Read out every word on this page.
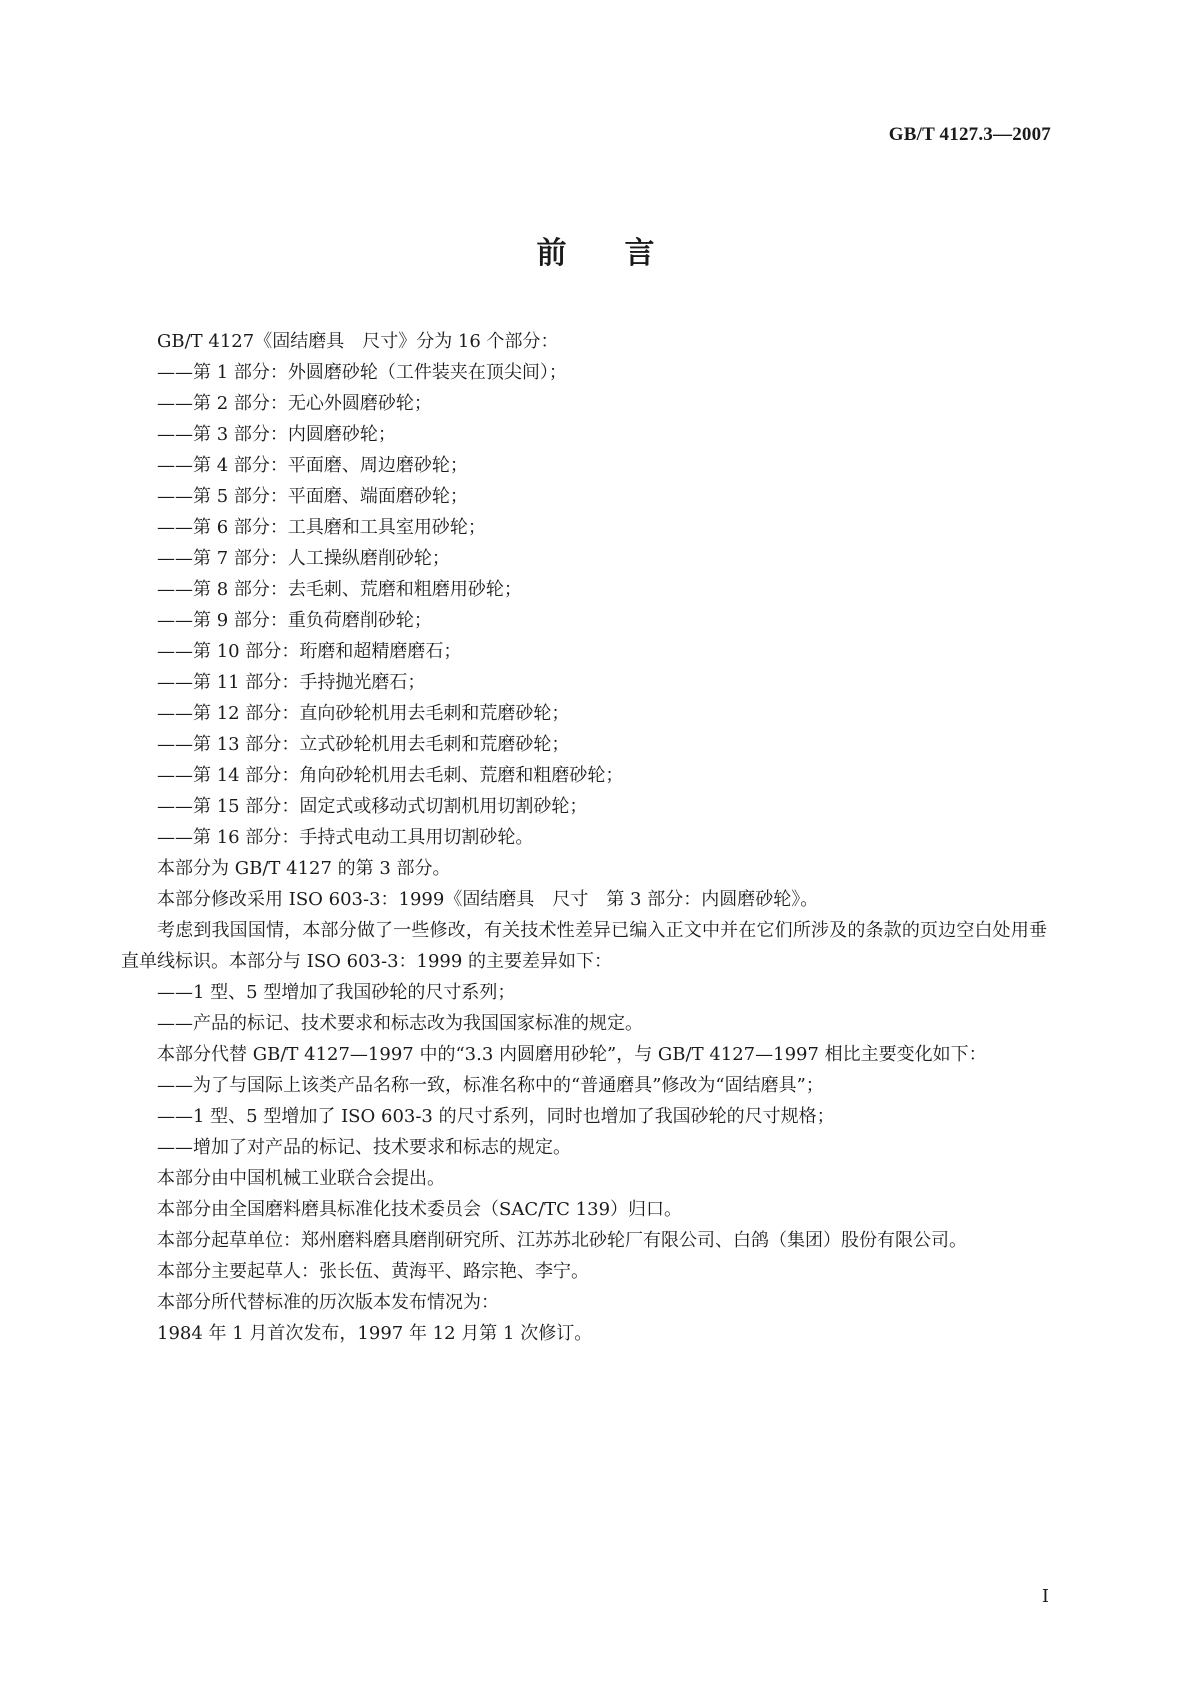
GB/T 4127.3—2007
前 言

GB/T 4127《固结磨具　尺寸》分为 16 个部分：

——第 1 部分：外圆磨砂轮（工件装夹在顶尖间）；

——第 2 部分：无心外圆磨砂轮；

——第 3 部分：内圆磨砂轮；

——第 4 部分：平面磨、周边磨砂轮；

——第 5 部分：平面磨、端面磨砂轮；

——第 6 部分：工具磨和工具室用砂轮；

——第 7 部分：人工操纵磨削砂轮；

——第 8 部分：去毛刺、荒磨和粗磨用砂轮；

——第 9 部分：重负荷磨削砂轮；

——第 10 部分：珩磨和超精磨磨石；

——第 11 部分：手持抛光磨石；

——第 12 部分：直向砂轮机用去毛刺和荒磨砂轮；

——第 13 部分：立式砂轮机用去毛刺和荒磨砂轮；

——第 14 部分：角向砂轮机用去毛刺、荒磨和粗磨砂轮；

——第 15 部分：固定式或移动式切割机用切割砂轮；

——第 16 部分：手持式电动工具用切割砂轮。

本部分为 GB/T 4127 的第 3 部分。

本部分修改采用 ISO 603-3：1999《固结磨具　尺寸　第 3 部分：内圆磨砂轮》。

考虑到我国国情，本部分做了一些修改，有关技术性差异已编入正文中并在它们所涉及的条款的页边空白处用垂直单线标识。本部分与 ISO 603-3：1999 的主要差异如下：

——1 型、5 型增加了我国砂轮的尺寸系列；

——产品的标记、技术要求和标志改为我国国家标准的规定。

本部分代替 GB/T 4127—1997 中的“3.3 内圆磨用砂轮”，与 GB/T 4127—1997 相比主要变化如下：

——为了与国际上该类产品名称一致，标准名称中的“普通磨具”修改为“固结磨具”；

——1 型、5 型增加了 ISO 603-3 的尺寸系列，同时也增加了我国砂轮的尺寸规格；

——增加了对产品的标记、技术要求和标志的规定。

本部分由中国机械工业联合会提出。

本部分由全国磨料磨具标准化技术委员会（SAC/TC 139）归口。

本部分起草单位：郑州磨料磨具磨削研究所、江苏苏北砂轮厂有限公司、白鸽（集团）股份有限公司。

本部分主要起草人：张长伍、黄海平、路宗艳、李宁。

本部分所代替标准的历次版本发布情况为：

1984 年 1 月首次发布，1997 年 12 月第 1 次修订。

Ⅰ
